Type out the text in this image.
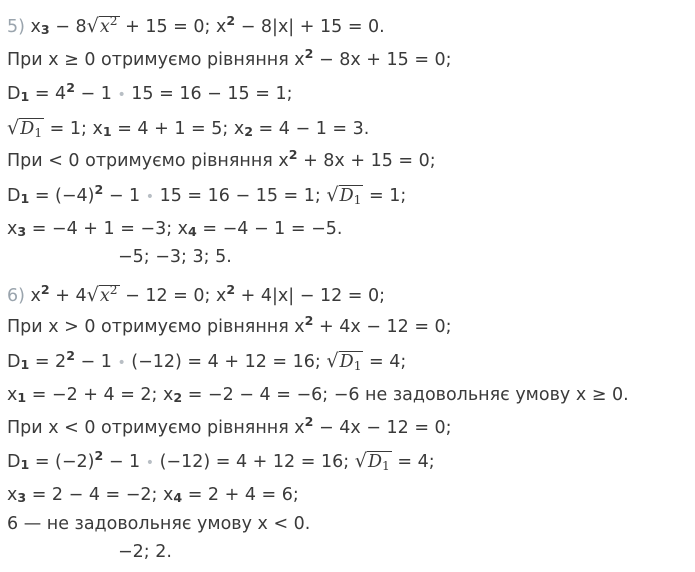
5) $x3 - 8√x^2 + 15 = 0$; $x^2 - 8|x| + 15 = 0$.
При x ≥ 0 отримуємо рівняння $x^2 - 8x + 15 = 0$;
$D1 = 4^2 - 1$ • 15 = 16 − 15 = 1;
√D1 = 1; x1 = 4 + 1 = 5; x2 = 4 − 1 = 3.
При < 0 отримуємо рівняння $x^2 + 8x + 15 = 0$;
$D1 = (-4)^2 - 1$ • 15 = 16 − 15 = 1; √D1 = 1;
x3 = −4 + 1 = −3; x4 = −4 − 1 = −5.
−5; −3; 3; 5.
6) $x^2 + 4√x^2 - 12 = 0$; $x^2 + 4|x| - 12 = 0$;
При x > 0 отримуємо рівняння $x^2 + 4x - 12 = 0$;
$D1 = 2^2 - 1$ • (−12) = 4 + 12 = 16; √D1 = 4;
x1 = −2 + 4 = 2; x2 = −2 − 4 = −6; −6 не задовольняє умову x ≥ 0.
При x < 0 отримуємо рівняння $x^2 - 4x - 12 = 0$;
$D1 = (-2)^2 - 1$ • (−12) = 4 + 12 = 16; √D1 = 4;
x3 = 2 − 4 = −2; x4 = 2 + 4 = 6;
6 — не задовольняє умову x < 0.
−2; 2.
